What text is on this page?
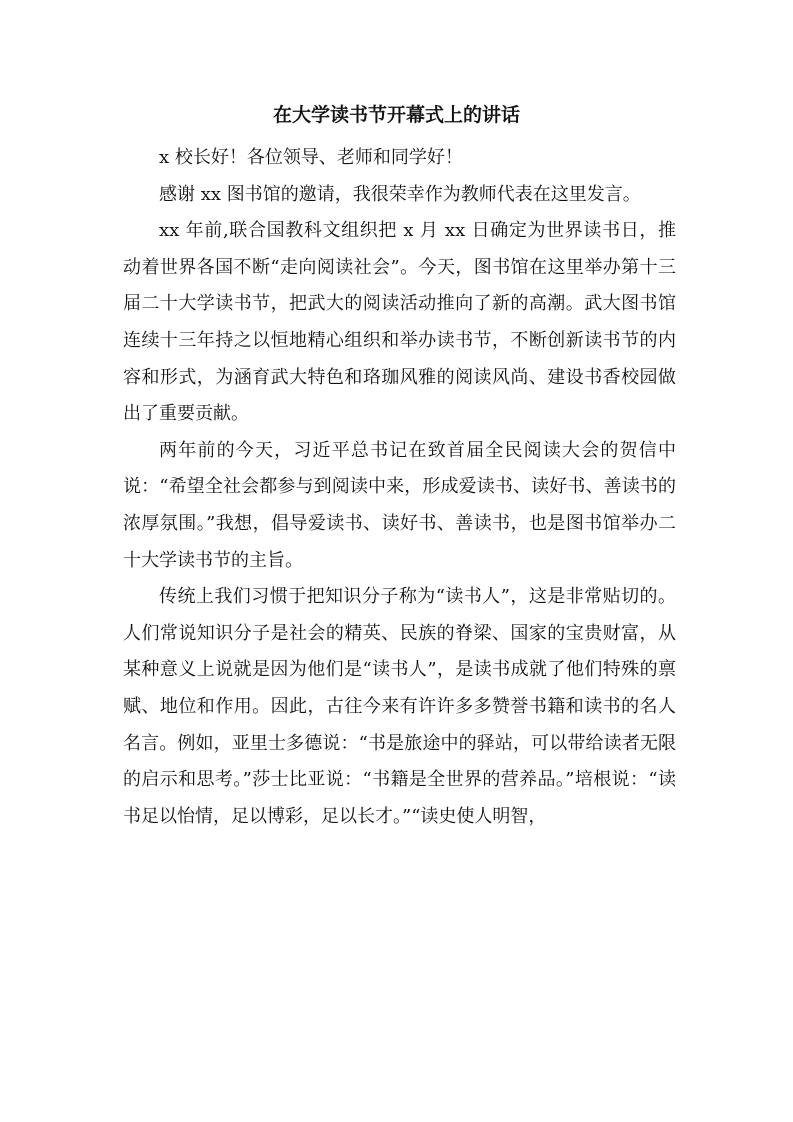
在大学读书节开幕式上的讲话

x 校长好！各位领导、老师和同学好！

感谢 xx 图书馆的邀请，我很荣幸作为教师代表在这里发言。

xx 年前,联合国教科文组织把 x 月 xx 日确定为世界读书日，推动着世界各国不断“走向阅读社会”。今天，图书馆在这里举办第十三届二十大学读书节，把武大的阅读活动推向了新的高潮。武大图书馆连续十三年持之以恒地精心组织和举办读书节，不断创新读书节的内容和形式，为涵育武大特色和珞珈风雅的阅读风尚、建设书香校园做出了重要贡献。

两年前的今天，习近平总书记在致首届全民阅读大会的贺信中说：“希望全社会都参与到阅读中来，形成爱读书、读好书、善读书的浓厚氛围。”我想，倡导爱读书、读好书、善读书，也是图书馆举办二十大学读书节的主旨。

传统上我们习惯于把知识分子称为“读书人”，这是非常贴切的。人们常说知识分子是社会的精英、民族的脊梁、国家的宝贵财富，从某种意义上说就是因为他们是“读书人”，是读书成就了他们特殊的禀赋、地位和作用。因此，古往今来有许许多多赞誉书籍和读书的名人名言。例如，亚里士多德说：“书是旅途中的驿站，可以带给读者无限的启示和思考。”莎士比亚说：“书籍是全世界的营养品。”培根说：“读书足以怡情，足以博彩，足以长才。”“读史使人明智，
